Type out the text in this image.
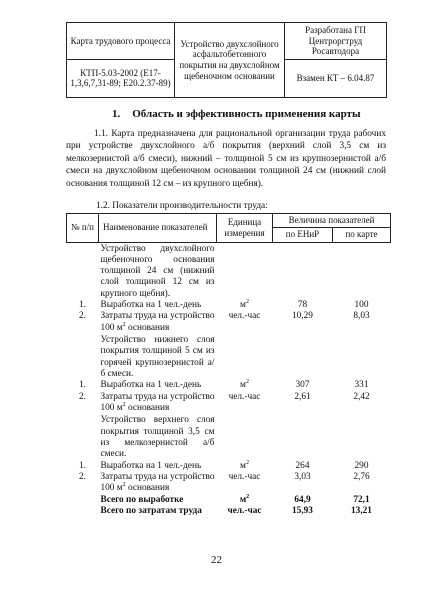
Карта трудового процесса	Устройство двухслойного асфальтобетонного покрытия на двухслойном щебеночном основании	Разработана ГП Центроргтруд Росавтодора
КТП-5.03-2002 (Е17-1,3,6,7,31-89; Е20.2.37-89)		Взамен КТ – 6.04.87
1. Область и эффективность применения карты
1.1. Карта предназначена для рациональной организации труда рабочих при устройстве двухслойного а/б покрытия (верхний слой 3,5 см из мелкозернистой а/б смеси), нижний – толщиной 5 см из крупнозернистой а/б смеси на двухслойном щебеночном основании толщиной 24 см (нижний слой основания толщиной 12 см – из крупного щебня).
1.2. Показатели производительности труда:
№ п/п	Наименование показателей	Единица измерения	Величина показателей	
			по ЕНиР	по карте
	Устройство двухслойного щебеночного основания толщиной 24 см (нижний слой толщиной 12 см из крупного щебня).			
1.	Выработка на 1 чел.-день	$м^2$	78	100
2.	Затраты труда на устройство 100 $м^2$ основания	чел.-час	10,29	8,03
	Устройство нижнего слоя покрытия толщиной 5 см из горячей крупнозернистой а/б смеси.			
1.	Выработка на 1 чел.-день	$м^2$	307	331
2.	Затраты труда на устройство 100 $м^2$ основания	чел.-час	2,61	2,42
	Устройство верхнего слоя покрытия толщиной 3,5 см из мелкозернистой а/б смеси.			
1.	Выработка на 1 чел.-день	$м^2$	264	290
2.	Затраты труда на устройство 100 $м^2$ основания	чел.-час	3,03	2,76
	Всего по выработке	$м^2$	64,9	72,1
	Всего по затратам труда	чел.-час	15,93	13,21
22
